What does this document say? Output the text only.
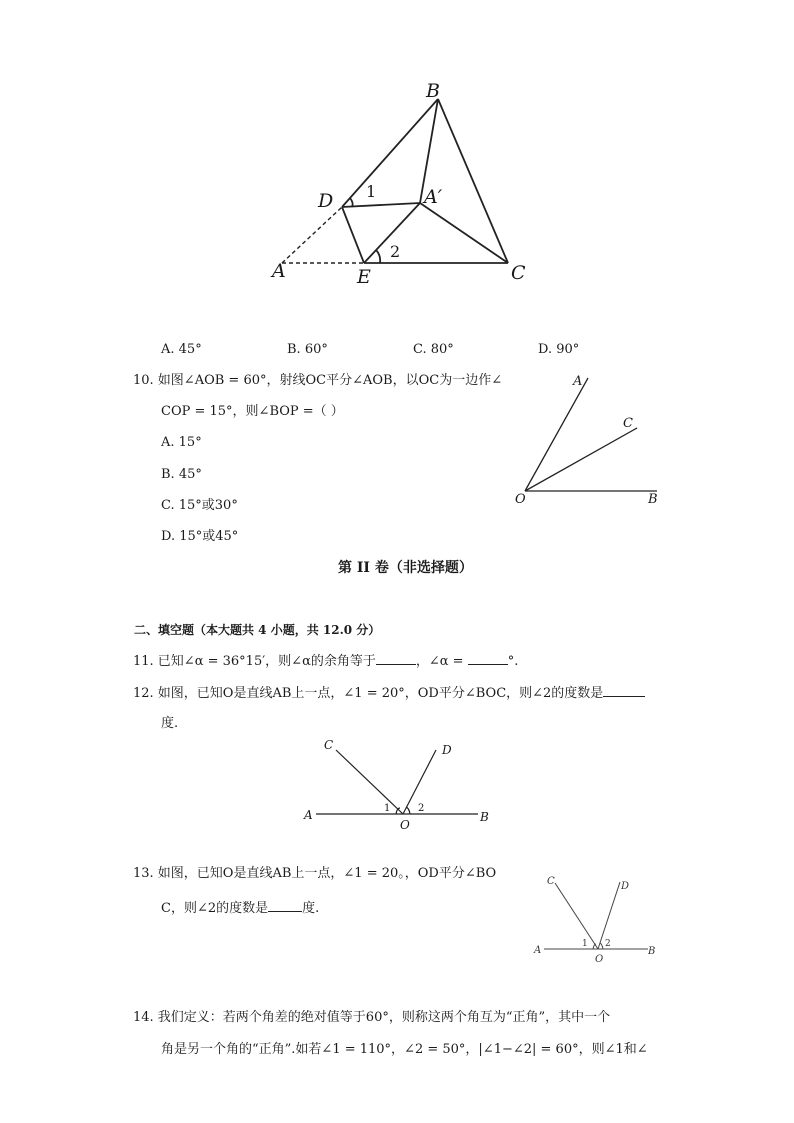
B
D	A′
A	E	C
1
2
A. 45°	B. 60°	C. 80°	D. 90°
10. 如图∠AOB = 60°，射线OC平分∠AOB，以OC为一边作∠
COP = 15°，则∠BOP =（ ）
A. 15°
B. 45°
C. 15°或30°
D. 15°或45°
A
C
O	B
第 II 卷（非选择题）
二、填空题（本大题共 4 小题，共 12.0 分）
11. 已知∠α = 36°15′，则∠α的余角等于	，∠α =	°.
12. 如图，已知O是直线AB上一点，∠1 = 20°，OD平分∠BOC，则∠2的度数是
度.
C	D
A
O
B
1	2
13. 如图，已知O是直线AB上一点，∠1 = 20。，OD平分∠BO
C，则∠2的度数是	度.
C	D
A
O
B
1 2
14. 我们定义：若两个角差的绝对值等于60°，则称这两个角互为“正角”，其中一个
角是另一个角的“正角”.如若∠1 = 110°，∠2 = 50°，|∠1−∠2| = 60°，则∠1和∠
